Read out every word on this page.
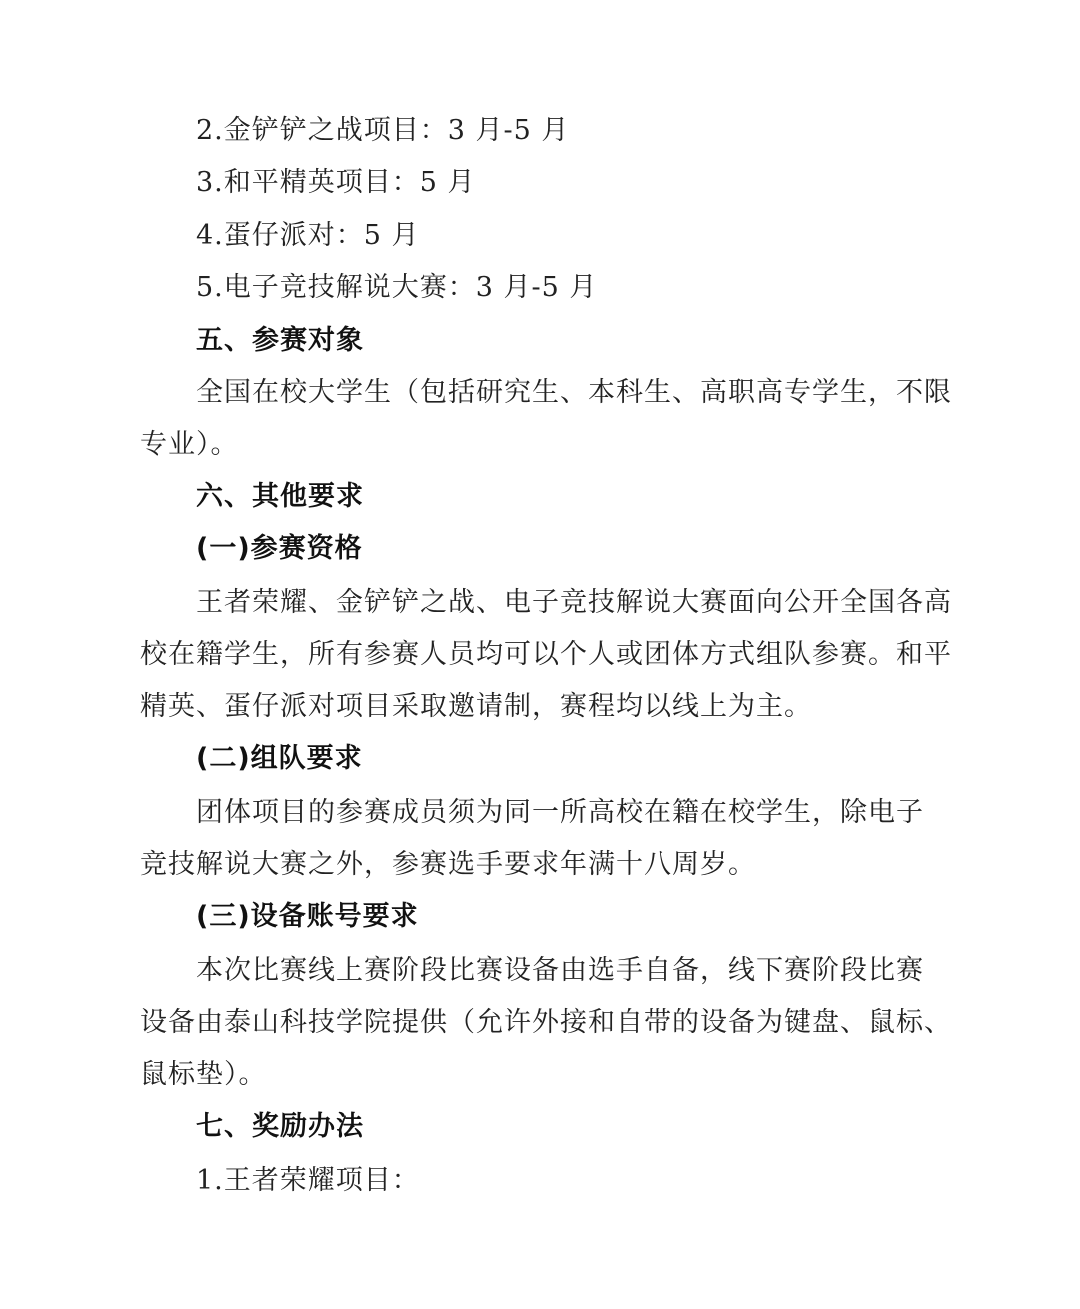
2.金铲铲之战项目：3 月-5 月
3.和平精英项目：5 月
4.蛋仔派对：5 月
5.电子竞技解说大赛：3 月-5 月
五、参赛对象
全国在校大学生（包括研究生、本科生、高职高专学生，不限
专业）。
六、其他要求
(一)参赛资格
王者荣耀、金铲铲之战、电子竞技解说大赛面向公开全国各高
校在籍学生，所有参赛人员均可以个人或团体方式组队参赛。和平
精英、蛋仔派对项目采取邀请制，赛程均以线上为主。
(二)组队要求
团体项目的参赛成员须为同一所高校在籍在校学生，除电子
竞技解说大赛之外，参赛选手要求年满十八周岁。
(三)设备账号要求
本次比赛线上赛阶段比赛设备由选手自备，线下赛阶段比赛
设备由泰山科技学院提供（允许外接和自带的设备为键盘、鼠标、
鼠标垫）。
七、奖励办法
1.王者荣耀项目：
